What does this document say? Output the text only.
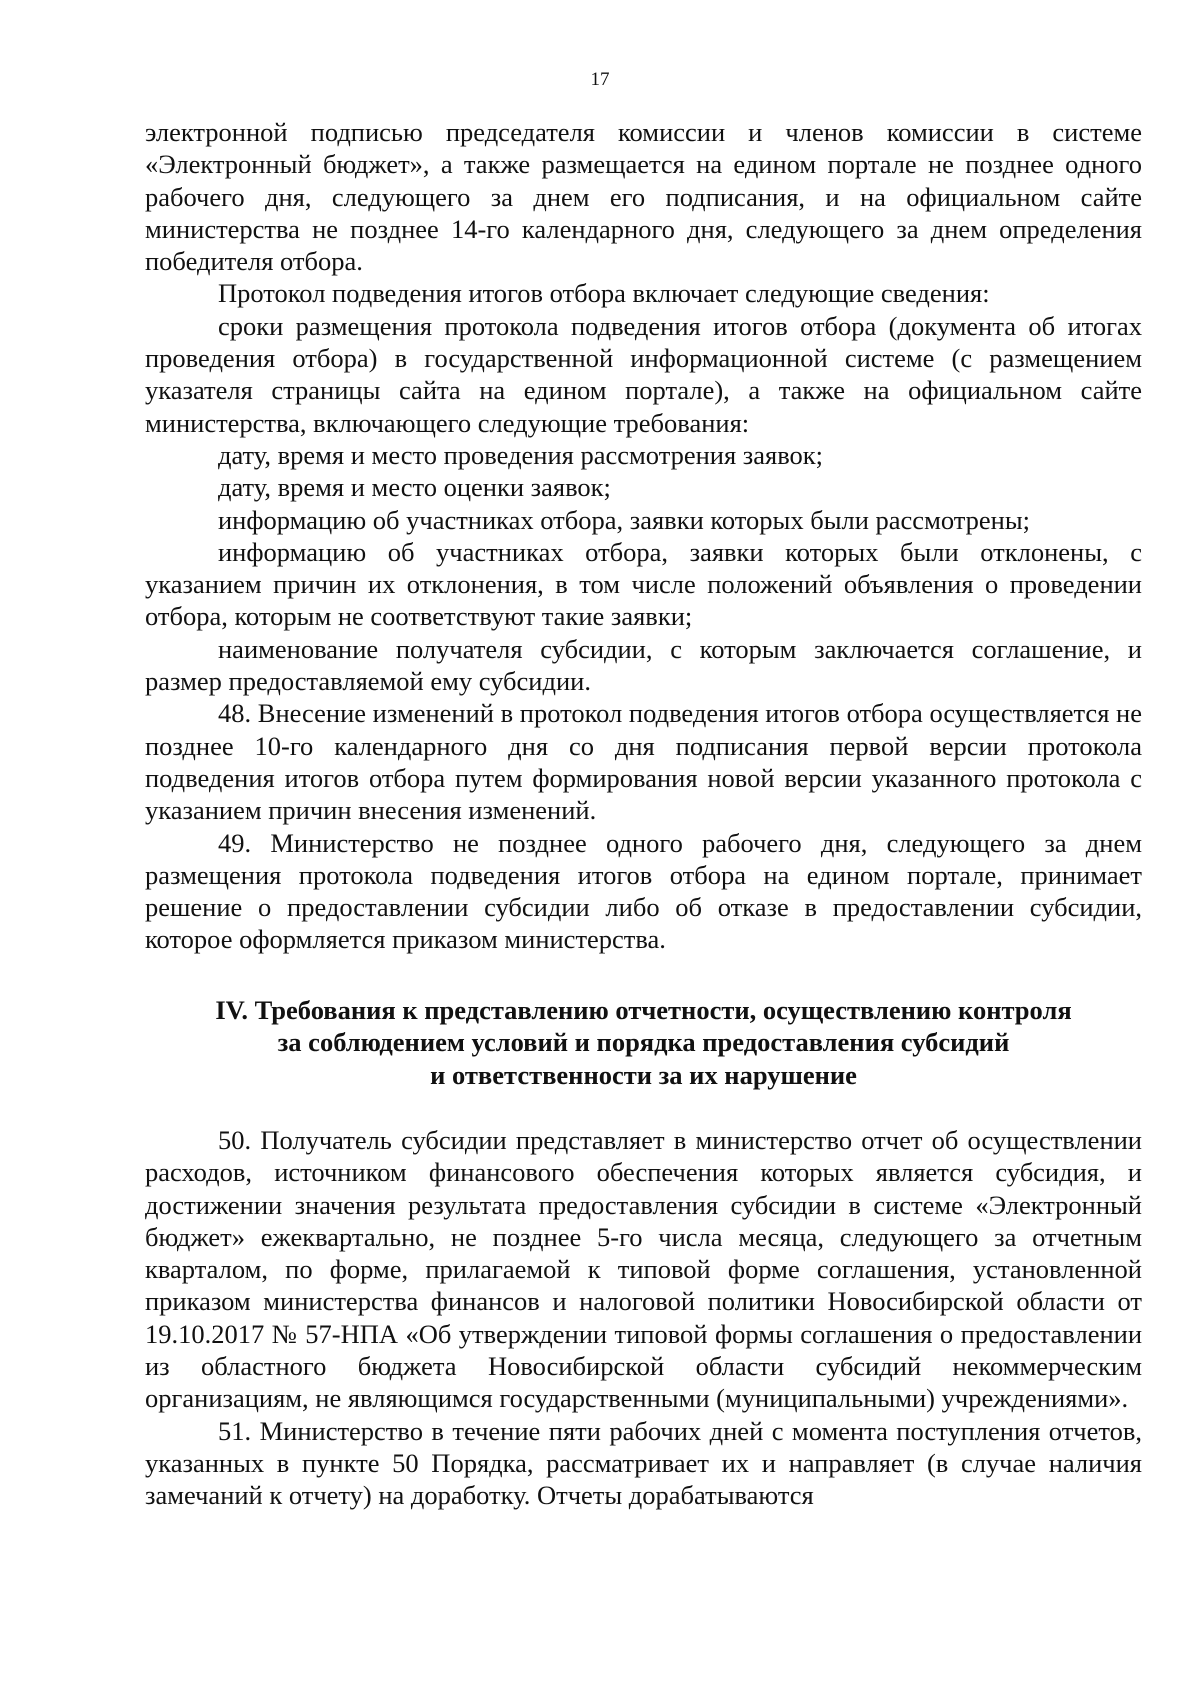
17

электронной подписью председателя комиссии и членов комиссии в системе «Электронный бюджет», а также размещается на едином портале не позднее одного рабочего дня, следующего за днем его подписания, и на официальном сайте министерства не позднее 14-го календарного дня, следующего за днем определения победителя отбора.

Протокол подведения итогов отбора включает следующие сведения:

сроки размещения протокола подведения итогов отбора (документа об итогах проведения отбора) в государственной информационной системе (с размещением указателя страницы сайта на едином портале), а также на официальном сайте министерства, включающего следующие требования:

дату, время и место проведения рассмотрения заявок;

дату, время и место оценки заявок;

информацию об участниках отбора, заявки которых были рассмотрены;

информацию об участниках отбора, заявки которых были отклонены, с указанием причин их отклонения, в том числе положений объявления о проведении отбора, которым не соответствуют такие заявки;

наименование получателя субсидии, с которым заключается соглашение, и размер предоставляемой ему субсидии.

48. Внесение изменений в протокол подведения итогов отбора осуществляется не позднее 10-го календарного дня со дня подписания первой версии протокола подведения итогов отбора путем формирования новой версии указанного протокола с указанием причин внесения изменений.

49. Министерство не позднее одного рабочего дня, следующего за днем размещения протокола подведения итогов отбора на едином портале, принимает решение о предоставлении субсидии либо об отказе в предоставлении субсидии, которое оформляется приказом министерства.

IV. Требования к представлению отчетности, осуществлению контроля
за соблюдением условий и порядка предоставления субсидий
и ответственности за их нарушение

50. Получатель субсидии представляет в министерство отчет об осуществлении расходов, источником финансового обеспечения которых является субсидия, и достижении значения результата предоставления субсидии в системе «Электронный бюджет» ежеквартально, не позднее 5-го числа месяца, следующего за отчетным кварталом, по форме, прилагаемой к типовой форме соглашения, установленной приказом министерства финансов и налоговой политики Новосибирской области от 19.10.2017 № 57-НПА «Об утверждении типовой формы соглашения о предоставлении из областного бюджета Новосибирской области субсидий некоммерческим организациям, не являющимся государственными (муниципальными) учреждениями».

51. Министерство в течение пяти рабочих дней с момента поступления отчетов, указанных в пункте 50 Порядка, рассматривает их и направляет (в случае наличия замечаний к отчету) на доработку. Отчеты дорабатываются
